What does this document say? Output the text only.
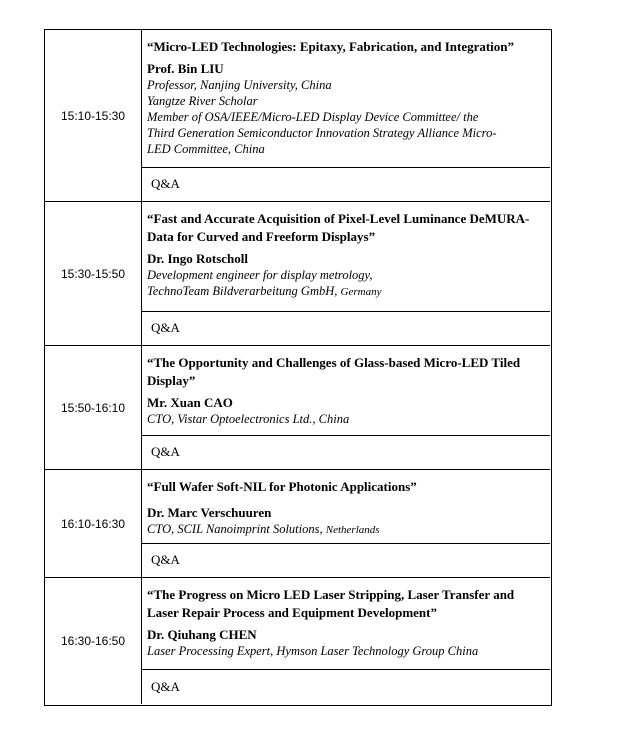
15:10-15:30
“Micro-LED Technologies: Epitaxy, Fabrication, and Integration”
Prof. Bin LIU
Professor, Nanjing University, China
Yangtze River Scholar
Member of OSA/IEEE/Micro-LED Display Device Committee/ the
Third Generation Semiconductor Innovation Strategy Alliance Micro-
LED Committee, China
Q&A
15:30-15:50
“Fast and Accurate Acquisition of Pixel-Level Luminance DeMURA-Data for Curved and Freeform Displays”
Dr. Ingo Rotscholl
Development engineer for display metrology,
TechnoTeam Bildverarbeitung GmbH, Germany
Q&A
15:50-16:10
“The Opportunity and Challenges of Glass-based Micro-LED Tiled Display”
Mr. Xuan CAO
CTO, Vistar Optoelectronics Ltd., China
Q&A
16:10-16:30
“Full Wafer Soft-NIL for Photonic Applications”
Dr. Marc Verschuuren
CTO, SCIL Nanoimprint Solutions, Netherlands
Q&A
16:30-16:50
“The Progress on Micro LED Laser Stripping, Laser Transfer and Laser Repair Process and Equipment Development”
Dr. Qiuhang CHEN
Laser Processing Expert, Hymson Laser Technology Group China
Q&A
